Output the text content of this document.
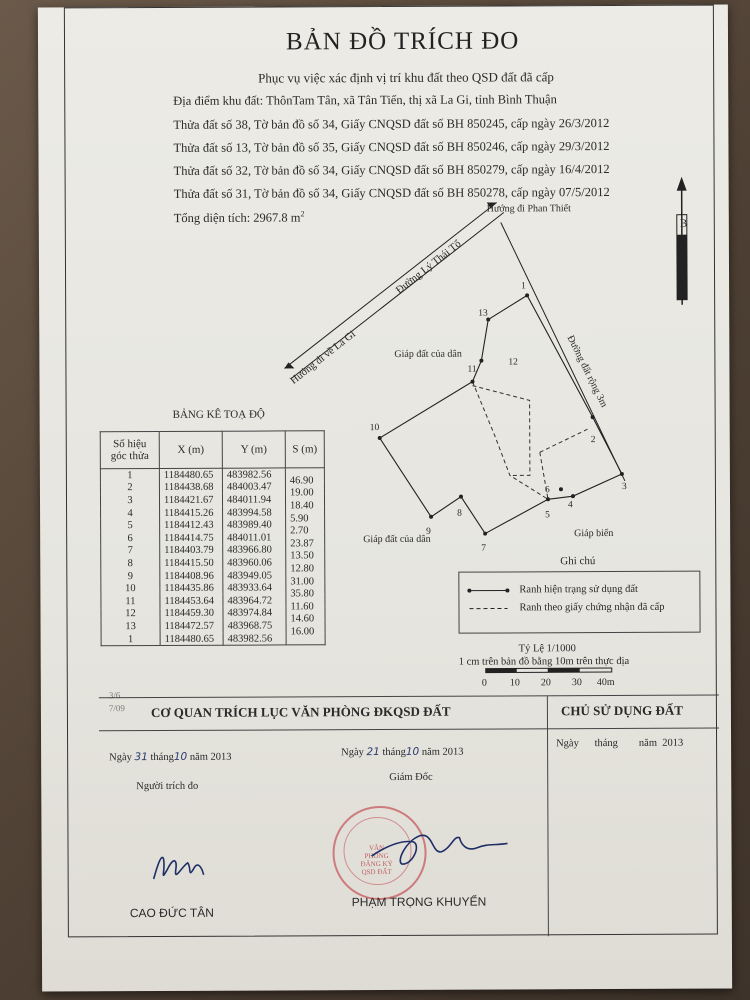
BẢN ĐỒ TRÍCH ĐO
Phục vụ việc xác định vị trí khu đất theo QSD đất đã cấp
Địa điểm khu đất: ThônTam Tân, xã Tân Tiến, thị xã La Gi, tỉnh Bình Thuận
Thửa đất số 38, Tờ bản đồ số 34, Giấy CNQSD đất số BH 850245, cấp ngày 26/3/2012
Thửa đất số 13, Tờ bản đồ số 35, Giấy CNQSD đất số BH 850246, cấp ngày 29/3/2012
Thửa đất số 32, Tờ bản đồ số 34, Giấy CNQSD đất số BH 850279, cấp ngày 16/4/2012
Thửa đất số 31, Tờ bản đồ số 34, Giấy CNQSD đất số BH 850278, cấp ngày 07/5/2012
Tổng diện tích: 2967.8 $m^2$
B
Đường Lý Thái Tổ
Hướng đi về La Gi
Hướng đi Phan Thiết
Đường đất rộng 3m
1
2
3
4
5
6
7
8
9
10
11
12
13
Giáp đất của dân
Giáp đất của dân
Giáp biển
0 10 20 30 40m
BẢNG KÊ TOẠ ĐỘ
Số hiệu góc thửa	X (m)	Y (m)	S (m)
1	1184480.65	483982.56	46.90
2	1184438.68	484003.47	19.00
3	1184421.67	484011.94	18.40
4	1184415.26	483994.58	5.90
5	1184412.43	483989.40	2.70
6	1184414.75	484011.01	23.87
7	1184403.79	483966.80	13.50
8	1184415.50	483960.06	12.80
9	1184408.96	483949.05	31.00
10	1184435.86	483933.64	35.80
11	1184453.64	483964.72	11.60
12	1184459.30	483974.84	14.60
13	1184472.57	483968.75	16.00
1	1184480.65	483982.56	
Ghi chú
Ranh hiện trạng sử dụng đất
Ranh theo giấy chứng nhận đã cấp
Tỷ Lệ 1/1000
1 cm trên bản đồ bằng 10m trên thực địa
3/6
7/09 CƠ QUAN TRÍCH LỤC VĂN PHÒNG ĐKQSD ĐẤT	CHỦ SỬ DỤNG ĐẤT
Ngày 31 tháng10 năm 2013	Ngày 21 tháng10 năm 2013
Ngày      tháng        năm  2013
Người trích đo
Giám Đốc
VĂN PHÒNG ĐĂNG KÝ QSD ĐẤT
CAO ĐỨC TÂN
PHẠM TRỌNG KHUYẾN
